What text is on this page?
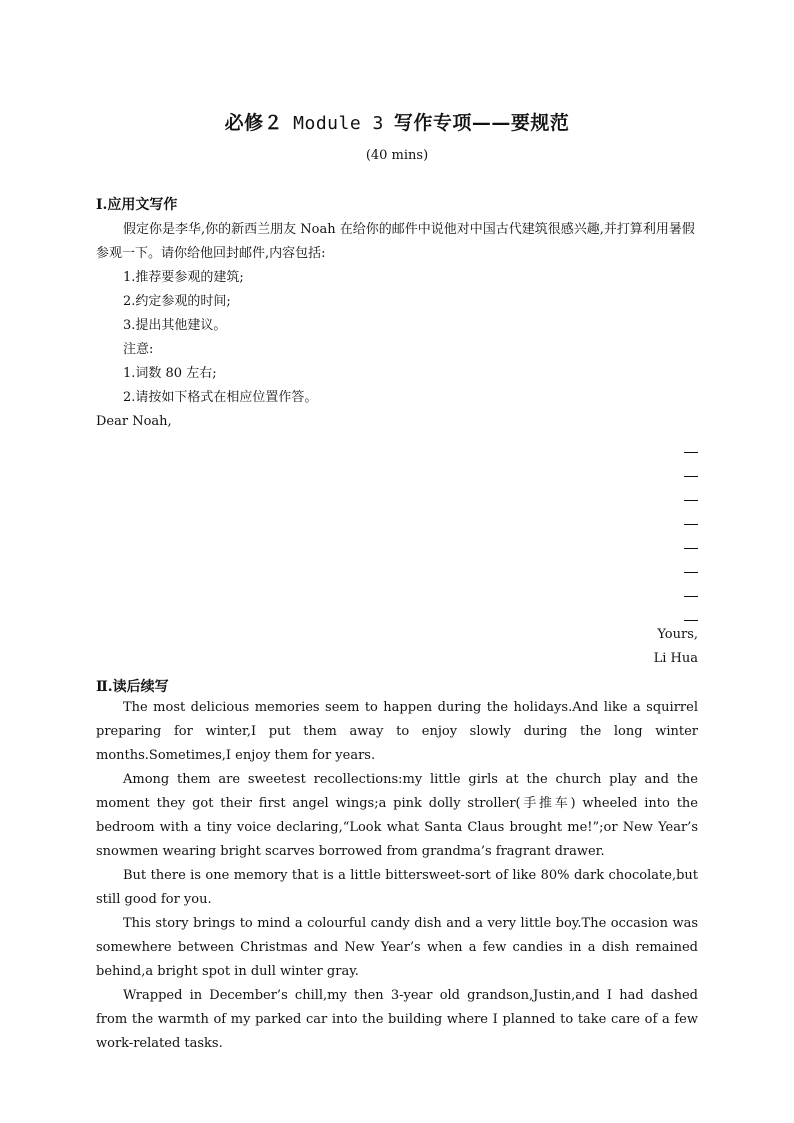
必修２ Module 3 写作专项——要规范
(40 mins)
Ⅰ.应用文写作

假定你是李华,你的新西兰朋友 Noah 在给你的邮件中说他对中国古代建筑很感兴趣,并打算利用暑假参观一下。请你给他回封邮件,内容包括:

1.推荐要参观的建筑;

2.约定参观的时间;

3.提出其他建议。

注意:

1.词数 80 左右;

2.请按如下格式在相应位置作答。

Dear Noah,

Yours,
Li Hua
Ⅱ.读后续写

The most delicious memories seem to happen during the holidays.And like a squirrel preparing for winter,I put them away to enjoy slowly during the long winter months.Sometimes,I enjoy them for years.

Among them are sweetest recollections:my little girls at the church play and the moment they got their first angel wings;a pink dolly stroller(手推车) wheeled into the bedroom with a tiny voice declaring,“Look what Santa Claus brought me!”;or New Year’s snowmen wearing bright scarves borrowed from grandma’s fragrant drawer.

But there is one memory that is a little bittersweet-sort of like 80% dark chocolate,but still good for you.

This story brings to mind a colourful candy dish and a very little boy.The occasion was somewhere between Christmas and New Year’s when a few candies in a dish remained behind,a bright spot in dull winter gray.

Wrapped in December’s chill,my then 3-year old grandson,Justin,and I had dashed from the warmth of my parked car into the building where I planned to take care of a few work-related tasks.
